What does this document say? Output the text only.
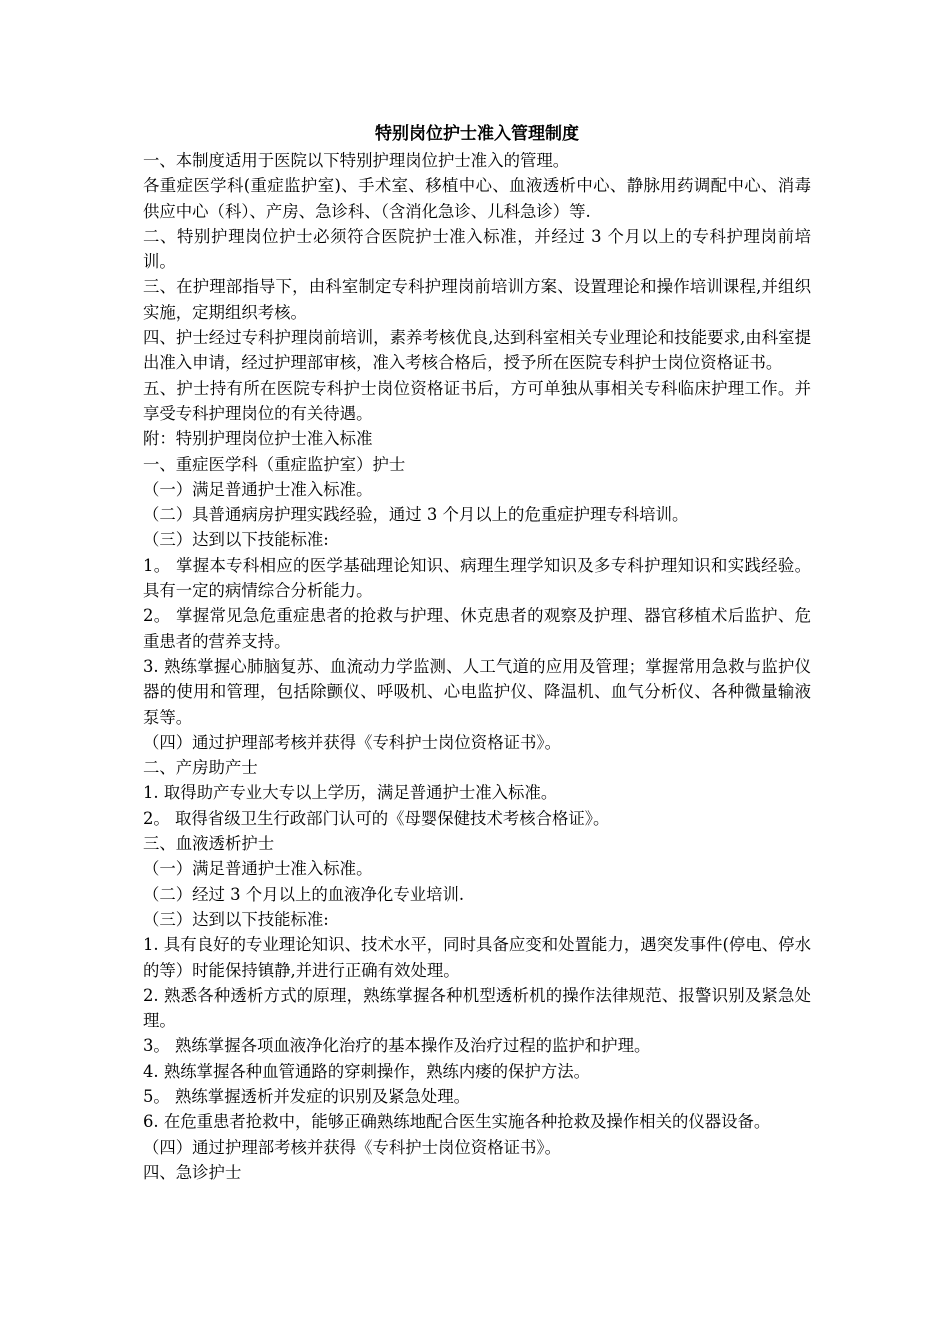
特别岗位护士准入管理制度

一、本制度适用于医院以下特别护理岗位护士准入的管理。

各重症医学科(重症监护室)、手术室、移植中心、血液透析中心、静脉用药调配中心、消毒供应中心（科）、产房、急诊科、（含消化急诊、儿科急诊）等.

二、特别护理岗位护士必须符合医院护士准入标准，并经过 3 个月以上的专科护理岗前培训。

三、在护理部指导下，由科室制定专科护理岗前培训方案、设置理论和操作培训课程,并组织实施，定期组织考核。

四、护士经过专科护理岗前培训，素养考核优良,达到科室相关专业理论和技能要求,由科室提出准入申请，经过护理部审核，准入考核合格后，授予所在医院专科护士岗位资格证书。

五、护士持有所在医院专科护士岗位资格证书后，方可单独从事相关专科临床护理工作。并享受专科护理岗位的有关待遇。

附：特别护理岗位护士准入标准

一、重症医学科（重症监护室）护士

（一）满足普通护士准入标准。

（二）具普通病房护理实践经验，通过 3 个月以上的危重症护理专科培训。

（三）达到以下技能标准:

1。 掌握本专科相应的医学基础理论知识、病理生理学知识及多专科护理知识和实践经验。具有一定的病情综合分析能力。

2。 掌握常见急危重症患者的抢救与护理、休克患者的观察及护理、器官移植术后监护、危重患者的营养支持。

3. 熟练掌握心肺脑复苏、血流动力学监测、人工气道的应用及管理；掌握常用急救与监护仪器的使用和管理，包括除颤仪、呼吸机、心电监护仪、降温机、血气分析仪、各种微量输液泵等。

（四）通过护理部考核并获得《专科护士岗位资格证书》。

二、产房助产士

1. 取得助产专业大专以上学历，满足普通护士准入标准。

2。 取得省级卫生行政部门认可的《母婴保健技术考核合格证》。

三、血液透析护士

（一）满足普通护士准入标准。

（二）经过 3 个月以上的血液净化专业培训.

（三）达到以下技能标准:

1. 具有良好的专业理论知识、技术水平，同时具备应变和处置能力，遇突发事件(停电、停水的等）时能保持镇静,并进行正确有效处理。

2. 熟悉各种透析方式的原理，熟练掌握各种机型透析机的操作法律规范、报警识别及紧急处理。

3。 熟练掌握各项血液净化治疗的基本操作及治疗过程的监护和护理。

4. 熟练掌握各种血管通路的穿刺操作，熟练内瘘的保护方法。

5。 熟练掌握透析并发症的识别及紧急处理。

6. 在危重患者抢救中，能够正确熟练地配合医生实施各种抢救及操作相关的仪器设备。

（四）通过护理部考核并获得《专科护士岗位资格证书》。

四、急诊护士
